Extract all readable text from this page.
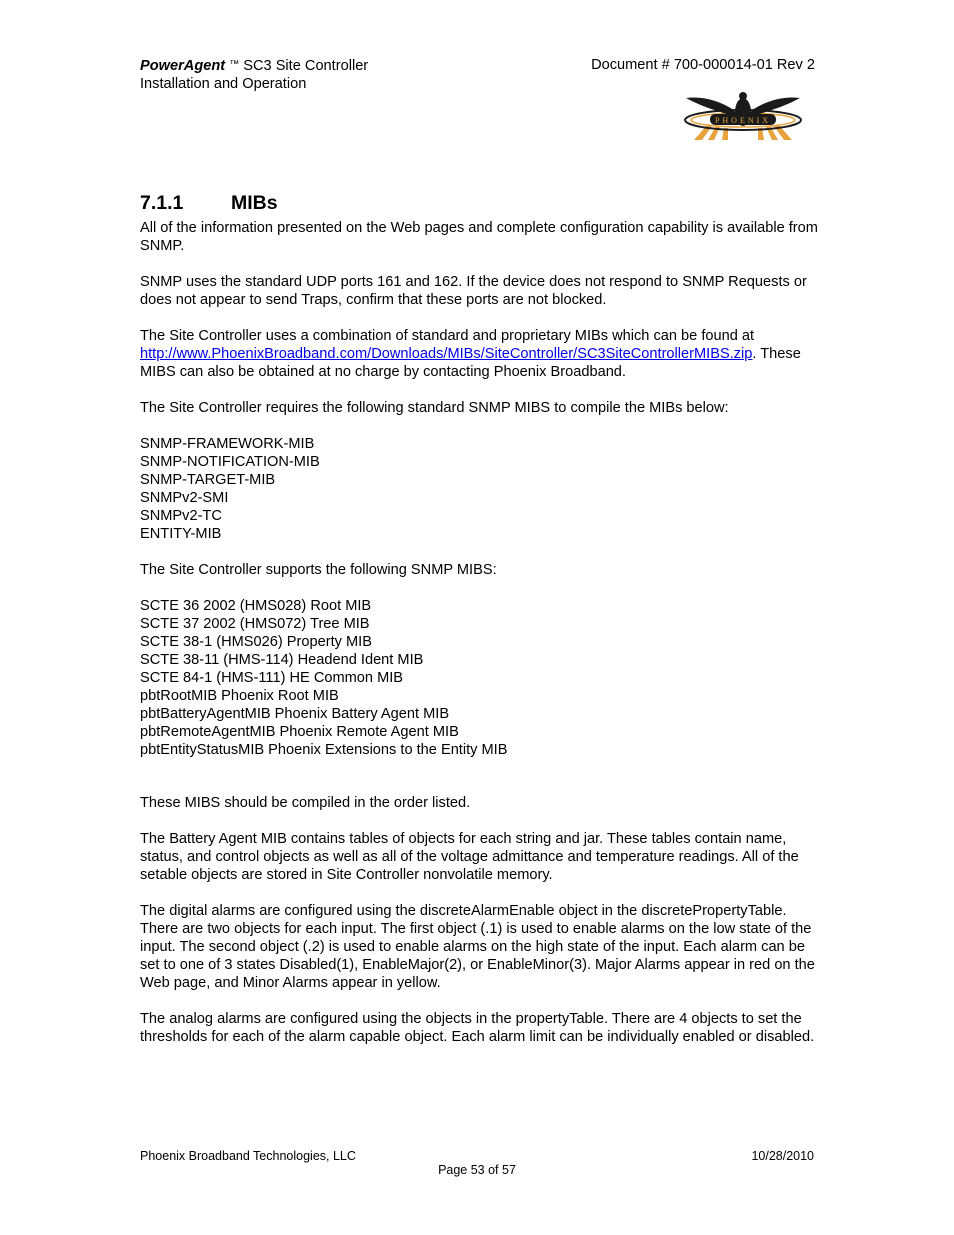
PowerAgent ™ SC3 Site Controller
Installation and Operation
Document # 700-000014-01 Rev 2
PHOENIX
7.1.1 MIBs

All of the information presented on the Web pages and complete configuration capability is available from SNMP.

SNMP uses the standard UDP ports 161 and 162. If the device does not respond to SNMP Requests or does not appear to send Traps, confirm that these ports are not blocked.

The Site Controller uses a combination of standard and proprietary MIBs which can be found at http://www.PhoenixBroadband.com/Downloads/MIBs/SiteController/SC3SiteControllerMIBS.zip. These MIBS can also be obtained at no charge by contacting Phoenix Broadband.

The Site Controller requires the following standard SNMP MIBS to compile the MIBs below:

SNMP-FRAMEWORK-MIB
SNMP-NOTIFICATION-MIB
SNMP-TARGET-MIB
SNMPv2-SMI
SNMPv2-TC
ENTITY-MIB

The Site Controller supports the following SNMP MIBS:

SCTE 36 2002 (HMS028) Root MIB
SCTE 37 2002 (HMS072) Tree MIB
SCTE 38-1 (HMS026) Property MIB
SCTE 38-11 (HMS-114) Headend Ident MIB
SCTE 84-1 (HMS-111) HE Common MIB
pbtRootMIB Phoenix Root MIB
pbtBatteryAgentMIB Phoenix Battery Agent MIB
pbtRemoteAgentMIB Phoenix Remote Agent MIB
pbtEntityStatusMIB Phoenix Extensions to the Entity MIB

These MIBS should be compiled in the order listed.

The Battery Agent MIB contains tables of objects for each string and jar. These tables contain name, status, and control objects as well as all of the voltage admittance and temperature readings. All of the setable objects are stored in Site Controller nonvolatile memory.

The digital alarms are configured using the discreteAlarmEnable object in the discretePropertyTable. There are two objects for each input. The first object (.1) is used to enable alarms on the low state of the input. The second object (.2) is used to enable alarms on the high state of the input. Each alarm can be set to one of 3 states Disabled(1), EnableMajor(2), or EnableMinor(3). Major Alarms appear in red on the Web page, and Minor Alarms appear in yellow.

The analog alarms are configured using the objects in the propertyTable. There are 4 objects to set the thresholds for each of the alarm capable object. Each alarm limit can be individually enabled or disabled.

Phoenix Broadband Technologies, LLC	10/28/2010
Page 53 of 57
